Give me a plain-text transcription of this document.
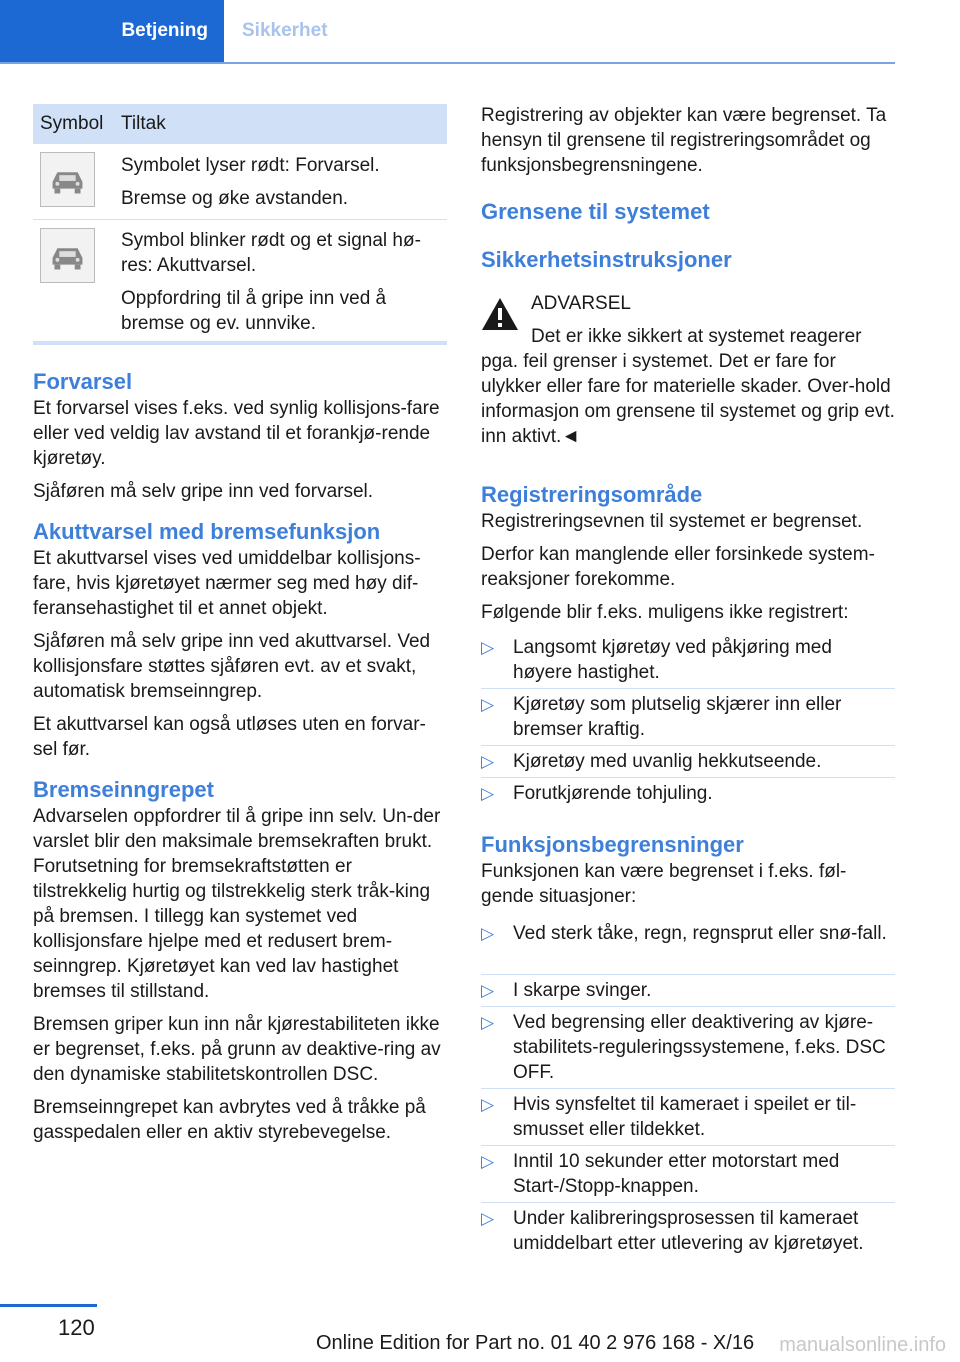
Betjening	Sikkerhet
Symbol Tiltak

Symbolet lyser rødt: Forvarsel.

Bremse og øke avstanden.

Symbol blinker rødt og et signal hø-res: Akuttvarsel.

Oppfordring til å gripe inn ved å bremse og ev. unnvike.

Forvarsel

Et forvarsel vises f.eks. ved synlig kollisjons-fare eller ved veldig lav avstand til et forankjø-rende kjøretøy.

Sjåføren må selv gripe inn ved forvarsel.

Akuttvarsel med bremsefunksjon

Et akuttvarsel vises ved umiddelbar kollisjons-fare, hvis kjøretøyet nærmer seg med høy dif-feransehastighet til et annet objekt.

Sjåføren må selv gripe inn ved akuttvarsel. Ved kollisjonsfare støttes sjåføren evt. av et svakt, automatisk bremseinngrep.

Et akuttvarsel kan også utløses uten en forvar-sel før.

Bremseinngrepet

Advarselen oppfordrer til å gripe inn selv. Un-der varslet blir den maksimale bremsekraften brukt. Forutsetning for bremsekraftstøtten er tilstrekkelig hurtig og tilstrekkelig sterk tråk-king på bremsen. I tillegg kan systemet ved kollisjonsfare hjelpe med et redusert brem-seinngrep. Kjøretøyet kan ved lav hastighet bremses til stillstand.

Bremsen griper kun inn når kjørestabiliteten ikke er begrenset, f.eks. på grunn av deaktive-ring av den dynamiske stabilitetskontrollen DSC.

Bremseinngrepet kan avbrytes ved å tråkke på gasspedalen eller en aktiv styrebevegelse.

Registrering av objekter kan være begrenset. Ta hensyn til grensene til registreringsområdet og funksjonsbegrensningene.

Grensene til systemet
Sikkerhetsinstruksjoner

ADVARSEL

Det er ikke sikkert at systemet reagerer pga. feil grenser i systemet. Det er fare for ulykker eller fare for materielle skader. Over-hold informasjon om grensene til systemet og grip evt. inn aktivt.◄

Registreringsområde

Registreringsevnen til systemet er begrenset.

Derfor kan manglende eller forsinkede system-reaksjoner forekomme.

Følgende blir f.eks. muligens ikke registrert:

▷ Langsomt kjøretøy ved påkjøring med høyere hastighet.
▷ Kjøretøy som plutselig skjærer inn eller bremser kraftig.
▷ Kjøretøy med uvanlig hekkutseende.
▷ Forutkjørende tohjuling.
Funksjonsbegrensninger

Funksjonen kan være begrenset i f.eks. føl-gende situasjoner:

▷ Ved sterk tåke, regn, regnsprut eller snø-fall.
▷ I skarpe svinger.
▷ Ved begrensing eller deaktivering av kjøre-stabilitets-reguleringssystemene, f.eks. DSC OFF.
▷ Hvis synsfeltet til kameraet i speilet er til-smusset eller tildekket.
▷ Inntil 10 sekunder etter motorstart med Start-/Stopp-knappen.
▷ Under kalibreringsprosessen til kameraet umiddelbart etter utlevering av kjøretøyet.
120
Online Edition for Part no. 01 40 2 976 168 - X/16 manualsonline.info
